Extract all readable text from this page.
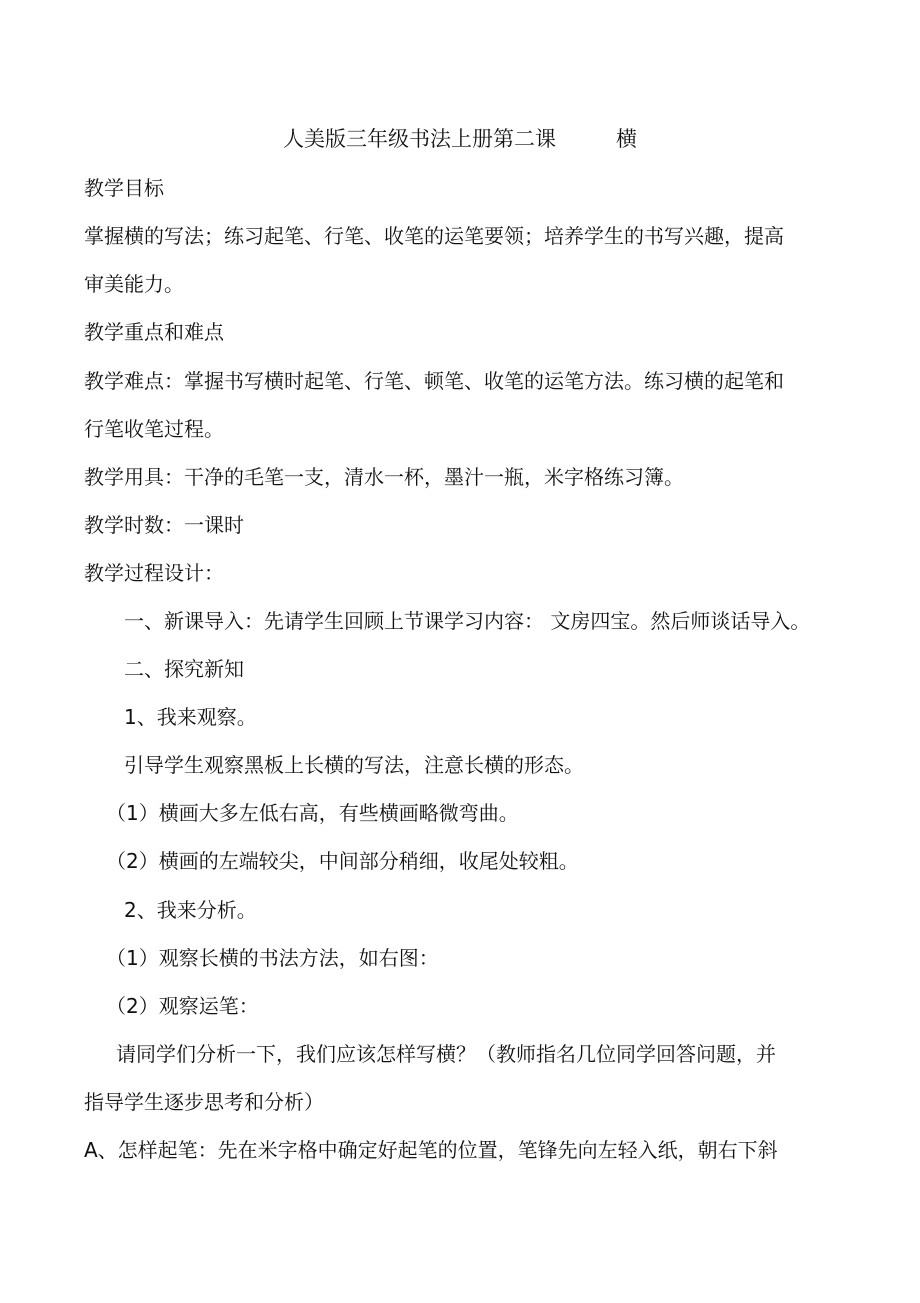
人美版三年级书法上册第二课         横

教学目标

掌握横的写法；练习起笔、行笔、收笔的运笔要领；培养学生的书写兴趣，提高

审美能力。

教学重点和难点

教学难点：掌握书写横时起笔、行笔、顿笔、收笔的运笔方法。练习横的起笔和

行笔收笔过程。

教学用具：干净的毛笔一支，清水一杯，墨汁一瓶，米字格练习簿。

教学时数：一课时

教学过程设计：

一、新课导入：先请学生回顾上节课学习内容： 文房四宝。然后师谈话导入。

二、探究新知

1、我来观察。

引导学生观察黑板上长横的写法，注意长横的形态。

（1）横画大多左低右高，有些横画略微弯曲。

（2）横画的左端较尖，中间部分稍细，收尾处较粗。

2、我来分析。

（1）观察长横的书法方法，如右图：

（2）观察运笔：

请同学们分析一下，我们应该怎样写横？（教师指名几位同学回答问题，并

指导学生逐步思考和分析）

A、怎样起笔：先在米字格中确定好起笔的位置，笔锋先向左轻入纸，朝右下斜
